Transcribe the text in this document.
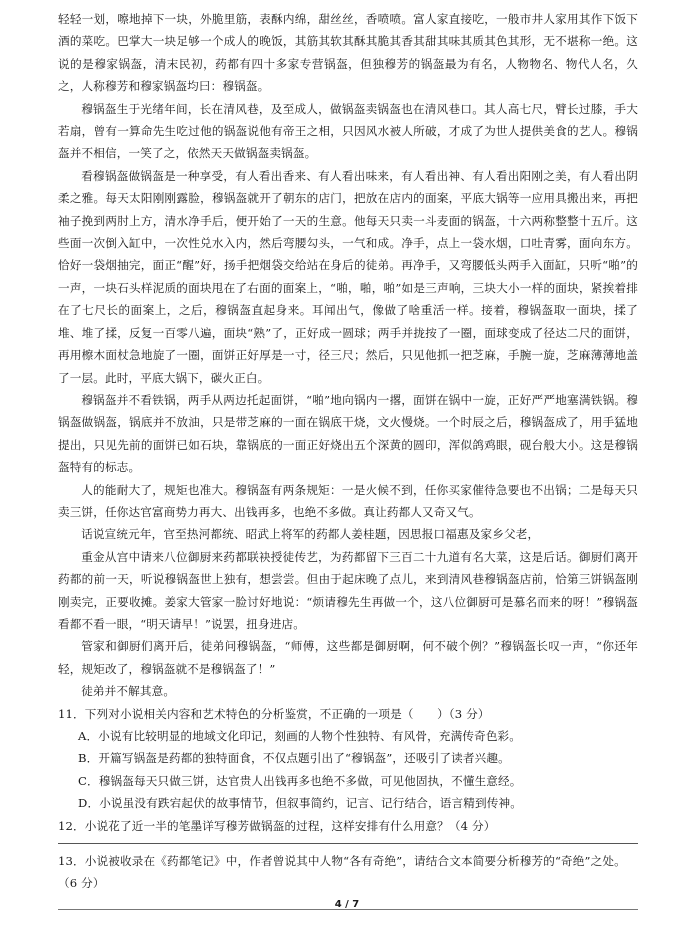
轻轻一划，嚓地掉下一块，外脆里筋，表酥内绵，甜丝丝，香喷喷。富人家直接吃，一般市井人家用其作下饭下酒的菜吃。巴掌大一块足够一个成人的晚饭，其筋其软其酥其脆其香其甜其味其质其色其形，无不堪称一绝。这说的是穆家锅盔，清末民初，药都有四十多家专营锅盔，但独穆芳的锅盔最为有名，人物物名、物代人名，久之，人称穆芳和穆家锅盔均曰：穆锅盔。

穆锅盔生于光绪年间，长在清风巷，及至成人，做锅盔卖锅盔也在清风巷口。其人高七尺，臂长过膝，手大若扇，曾有一算命先生吃过他的锅盔说他有帝王之相，只因风水被人所破，才成了为世人提供美食的艺人。穆锅盔并不相信，一笑了之，依然天天做锅盔卖锅盔。

看穆锅盔做锅盔是一种享受，有人看出香来、有人看出味来，有人看出神、有人看出阳刚之美，有人看出阴柔之雅。每天太阳刚刚露脸，穆锅盔就开了朝东的店门，把放在店内的面案，平底大锅等一应用具搬出来，再把袖子挽到两肘上方，清水净手后，便开始了一天的生意。他每天只卖一斗麦面的锅盔，十六两称整整十五斤。这些面一次倒入缸中，一次性兑水入内，然后弯腰勾头，一气和成。净手，点上一袋水烟，口吐青雾，面向东方。恰好一袋烟抽完，面正“醒”好，扬手把烟袋交给站在身后的徒弟。再净手，又弯腰低头两手入面缸，只听“啪”的一声，一块石头样泥质的面块甩在了右面的面案上，“啪，啪，啪”如是三声响，三块大小一样的面块，紧挨着排在了七尺长的面案上，之后，穆锅盔直起身来。耳闻出气，像做了啥重活一样。接着，穆锅盔取一面块，揉了堆、堆了揉，反复一百零八遍，面块“熟”了，正好成一圆球；两手并拢按了一圈，面球变成了径达二尺的面饼，再用檫木面杖急地旋了一圈，面饼正好厚是一寸，径三尺；然后，只见他抓一把芝麻，手腕一旋，芝麻薄薄地盖了一层。此时，平底大锅下，碳火正白。

穆锅盔并不看铁锅，两手从两边托起面饼，“啪”地向锅内一撂，面饼在锅中一旋，正好严严地塞满铁锅。穆锅盔做锅盔，锅底并不放油，只是带芝麻的一面在锅底干烧，文火慢烧。一个时辰之后，穆锅盔成了，用手猛地提出，只见先前的面饼已如石块，靠锅底的一面正好烧出五个深黄的圆印，浑似鸽鸡眼，砚台般大小。这是穆锅盔特有的标志。

人的能耐大了，规矩也准大。穆锅盔有两条规矩：一是火候不到，任你买家催待急要也不出锅；二是每天只卖三饼，任你达官富商势力再大、出钱再多，也绝不多做。真让药都人又奇又气。

话说宣统元年，官至热河都统、昭武上将军的药都人姜桂题，因思报口福惠及家乡父老，

重金从宫中请来八位御厨来药都联袂授徒传艺，为药都留下三百二十九道有名大菜，这是后话。御厨们离开药都的前一天，听说穆锅盔世上独有，想尝尝。但由于起床晚了点儿，来到清风巷穆锅盔店前，恰第三饼锅盔刚刚卖完，正要收摊。姜家大管家一脸讨好地说：“烦请穆先生再做一个，这八位御厨可是慕名而来的呀！”穆锅盔看都不看一眼，“明天请早！”说罢，扭身进店。

管家和御厨们离开后，徒弟问穆锅盔，“师傅，这些都是御厨啊，何不破个例？”穆锅盔长叹一声，“你还年轻，规矩改了，穆锅盔就不是穆锅盔了！”

徒弟并不解其意。

11．下列对小说相关内容和艺术特色的分析鉴赏，不正确的一项是（　　）（3 分）

A．小说有比较明显的地域文化印记，刻画的人物个性独特、有风骨，充满传奇色彩。

B．开篇写锅盔是药都的独特面食，不仅点题引出了“穆锅盔”，还吸引了读者兴趣。

C．穆锅盔每天只做三饼，达官贵人出钱再多也绝不多做，可见他固执，不懂生意经。

D．小说虽没有跌宕起伏的故事情节，但叙事简约，记言、记行结合，语言精到传神。

12．小说花了近一半的笔墨详写穆芳做锅盔的过程，这样安排有什么用意？（4 分）

13．小说被收录在《药都笔记》中，作者曾说其中人物“各有奇绝”，请结合文本简要分析穆芳的“奇绝”之处。（6 分）

4 / 7
